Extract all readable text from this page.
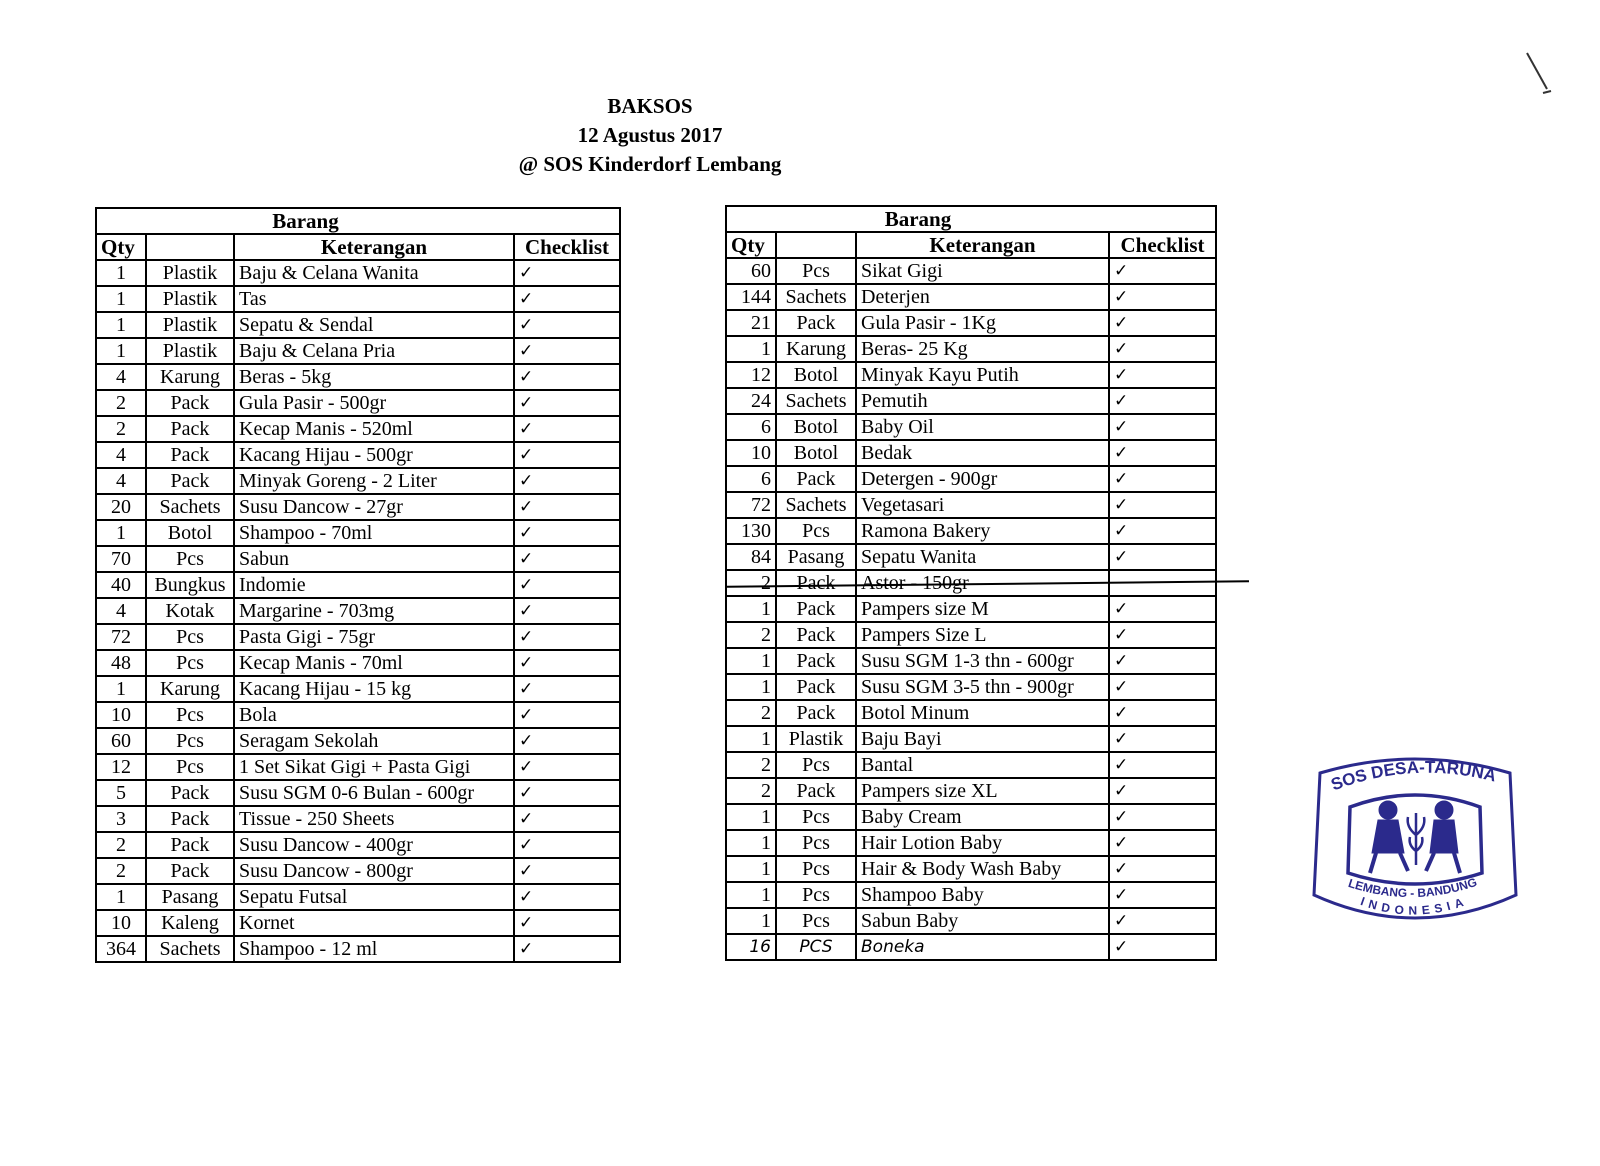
BAKSOS
12 Agustus 2017
@ SOS Kinderdorf Lembang
Barang			
Qty		Keterangan	Checklist
1	Plastik	Baju & Celana Wanita	✓
1	Plastik	Tas	✓
1	Plastik	Sepatu & Sendal	✓
1	Plastik	Baju & Celana Pria	✓
4	Karung	Beras - 5kg	✓
2	Pack	Gula Pasir - 500gr	✓
2	Pack	Kecap Manis - 520ml	✓
4	Pack	Kacang Hijau - 500gr	✓
4	Pack	Minyak Goreng - 2 Liter	✓
20	Sachets	Susu Dancow - 27gr	✓
1	Botol	Shampoo - 70ml	✓
70	Pcs	Sabun	✓
40	Bungkus	Indomie	✓
4	Kotak	Margarine - 703mg	✓
72	Pcs	Pasta Gigi - 75gr	✓
48	Pcs	Kecap Manis - 70ml	✓
1	Karung	Kacang Hijau - 15 kg	✓
10	Pcs	Bola	✓
60	Pcs	Seragam Sekolah	✓
12	Pcs	1 Set Sikat Gigi + Pasta Gigi	✓
5	Pack	Susu SGM 0-6 Bulan - 600gr	✓
3	Pack	Tissue - 250 Sheets	✓
2	Pack	Susu Dancow - 400gr	✓
2	Pack	Susu Dancow - 800gr	✓
1	Pasang	Sepatu Futsal	✓
10	Kaleng	Kornet	✓
364	Sachets	Shampoo - 12 ml	✓
Barang			
Qty		Keterangan	Checklist
60	Pcs	Sikat Gigi	✓
144	Sachets	Deterjen	✓
21	Pack	Gula Pasir - 1Kg	✓
1	Karung	Beras- 25 Kg	✓
12	Botol	Minyak Kayu Putih	✓
24	Sachets	Pemutih	✓
6	Botol	Baby Oil	✓
10	Botol	Bedak	✓
6	Pack	Detergen - 900gr	✓
72	Sachets	Vegetasari	✓
130	Pcs	Ramona Bakery	✓
84	Pasang	Sepatu Wanita	✓
2	Pack	Astor - 150gr	
1	Pack	Pampers size M	✓
2	Pack	Pampers Size L	✓
1	Pack	Susu SGM 1-3 thn - 600gr	✓
1	Pack	Susu SGM 3-5 thn - 900gr	✓
2	Pack	Botol Minum	✓
1	Plastik	Baju Bayi	✓
2	Pcs	Bantal	✓
2	Pack	Pampers size XL	✓
1	Pcs	Baby Cream	✓
1	Pcs	Hair Lotion Baby	✓
1	Pcs	Hair & Body Wash Baby	✓
1	Pcs	Shampoo Baby	✓
1	Pcs	Sabun Baby	✓
16	PCS	Boneka	✓
SOS DESA-TARUNA
LEMBANG - BANDUNG
INDONESIA
